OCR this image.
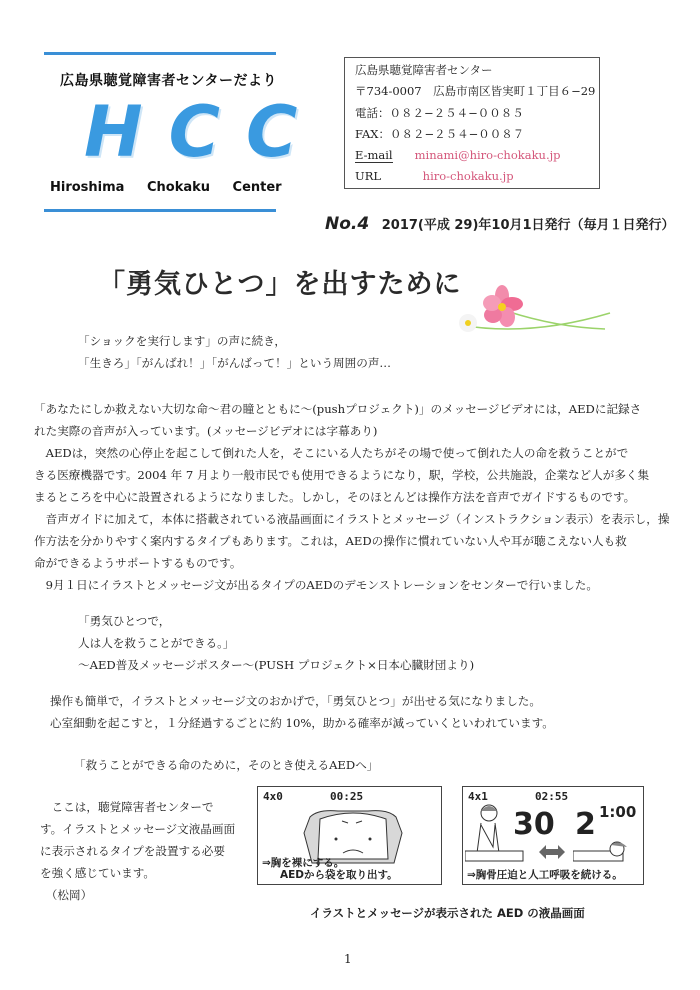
広島県聴覚障害者センターだより
HCC
Hiroshima Chokaku Center
広島県聴覚障害者センター
〒734-0007　広島市南区皆実町１丁目６−29
電話：０８２−２５４−００８５
FAX：０８２−２５４−００８７
E-mail minami@hiro-chokaku.jp
URL	hiro-chokaku.jp
No.4 2017(平成 29)年10月1日発行（毎月１日発行）
「勇気ひとつ」を出すために
「ショックを実行します」の声に続き，
「生きろ」「がんばれ！」「がんばって！」という周囲の声…
「あなたにしか救えない大切な命〜君の瞳とともに〜(pushプロジェクト)」のメッセージビデオには，AEDに記録さ
れた実際の音声が入っています。(メッセージビデオには字幕あり)
　AEDは，突然の心停止を起こして倒れた人を，そこにいる人たちがその場で使って倒れた人の命を救うことがで
きる医療機器です。2004 年 7 月より一般市民でも使用できるようになり，駅，学校，公共施設，企業など人が多く集
まるところを中心に設置されるようになりました。しかし，そのほとんどは操作方法を音声でガイドするものです。
　音声ガイドに加えて，本体に搭載されている液晶画面にイラストとメッセージ（インストラクション表示）を表示し，操
作方法を分かりやすく案内するタイプもあります。これは，AEDの操作に慣れていない人や耳が聴こえない人も救
命ができるようサポートするものです。
　9月１日にイラストとメッセージ文が出るタイプのAEDのデモンストレーションをセンターで行いました。
「勇気ひとつで，
人は人を救うことができる。」
〜AED普及メッセージポスター〜(PUSH プロジェクト×日本心臓財団より)
操作も簡単で，イラストとメッセージ文のおかげで，「勇気ひとつ」が出せる気になりました。
心室細動を起こすと，１分経過するごとに約 10%，助かる確率が減っていくといわれています。
「救うことができる命のために，そのとき使えるAEDへ」
　ここは，聴覚障害者センターで
す。イラストとメッセージ文液晶画面
に表示されるタイプを設置する必要
を強く感じています。
　（松岡）
4x0	00:25
⇒胸を裸にする。
AEDから袋を取り出す。
4x1	02:55
1:00
30 2
⇒胸骨圧迫と人工呼吸を続ける。
イラストとメッセージが表示された AED の液晶画面
1
